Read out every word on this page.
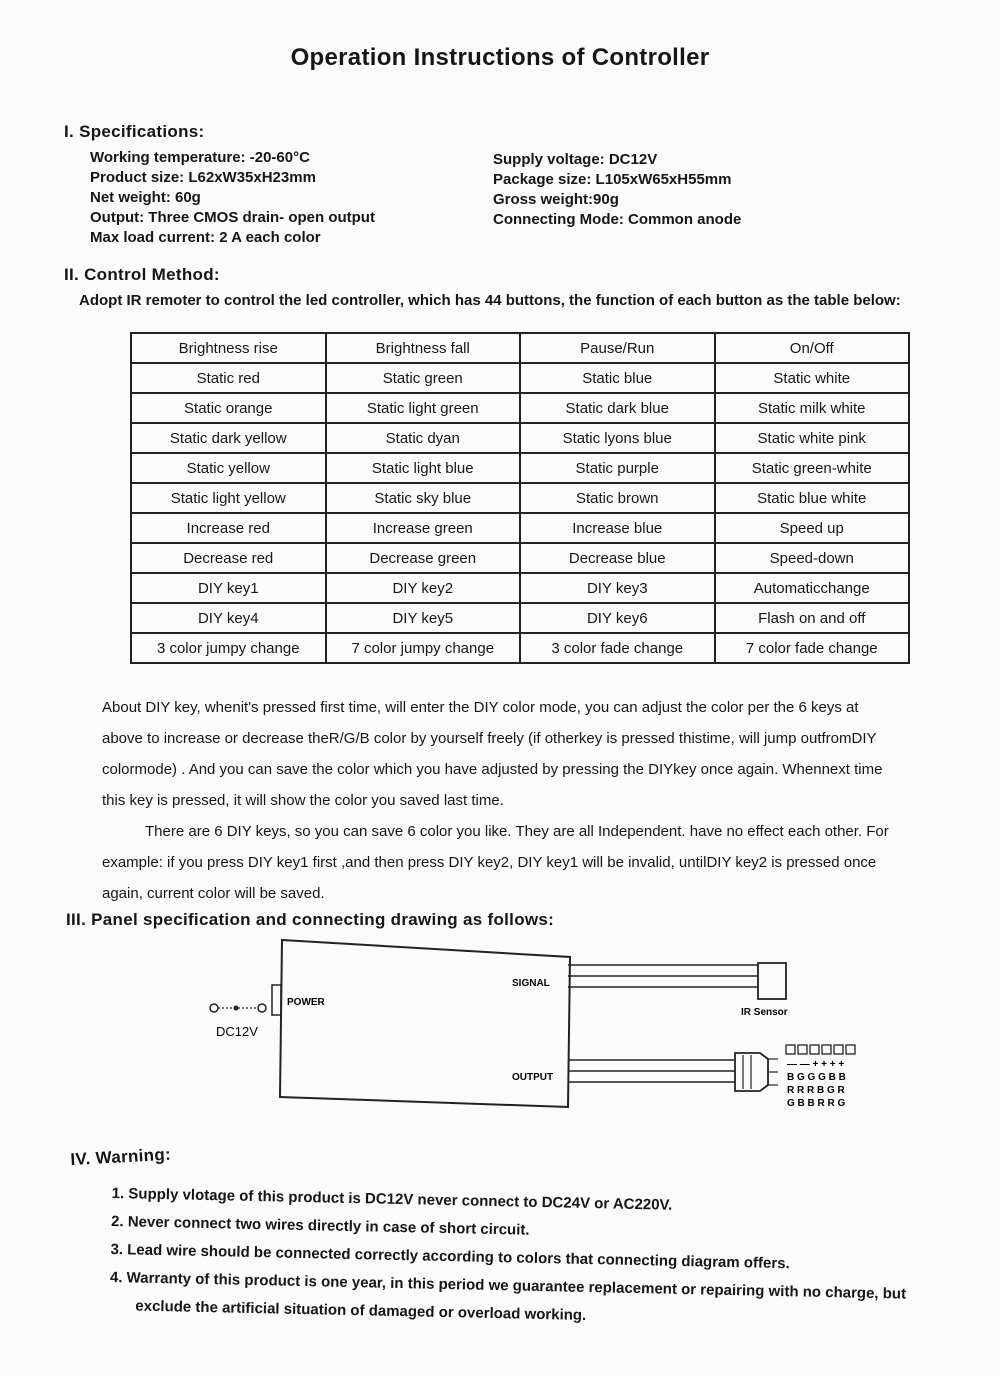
Operation Instructions of Controller
I. Specifications:
Working temperature: -20-60°C
Product size: L62xW35xH23mm
Net weight: 60g
Output: Three CMOS drain- open output
Max load current: 2 A each color
Supply voltage: DC12V
Package size: L105xW65xH55mm
Gross weight:90g
Connecting Mode: Common anode
II. Control Method:
Adopt IR remoter to control the led controller, which has 44 buttons, the function of each button as the table below:
Brightness rise	Brightness fall	Pause/Run	On/Off
Static red	Static green	Static blue	Static white
Static orange	Static light green	Static dark blue	Static milk white
Static dark yellow	Static dyan	Static lyons blue	Static white pink
Static yellow	Static light blue	Static purple	Static green-white
Static light yellow	Static sky blue	Static brown	Static blue white
Increase red	Increase green	Increase blue	Speed up
Decrease red	Decrease green	Decrease blue	Speed-down
DIY key1	DIY key2	DIY key3	Automaticchange
DIY key4	DIY key5	DIY key6	Flash on and off
3 color jumpy change	7 color jumpy change	3 color fade change	7 color fade change
About DIY key, whenit's pressed first time, will enter the DIY color mode, you can adjust the color per the 6 keys at
above to increase or decrease theR/G/B color by yourself freely (if otherkey is pressed thistime, will jump outfromDIY
colormode) . And you can save the color which you have adjusted by pressing the DIYkey once again. Whennext time
this key is pressed, it will show the color you saved last time.
There are 6 DIY keys, so you can save 6 color you like. They are all Independent. have no effect each other. For
example: if you press DIY key1 first ,and then press DIY key2, DIY key1 will be invalid, untilDIY key2 is pressed once
again, current color will be saved.
III. Panel specification and connecting drawing as follows:
POWER
DC12V
SIGNAL
IR Sensor
OUTPUT
— — + + + +
B G G G B B
R R R B G R
G B B R R G
IV. Warning:
1. Supply vlotage of this product is DC12V never connect to DC24V or AC220V.
2. Never connect two wires directly in case of short circuit.
3. Lead wire should be connected correctly according to colors that connecting diagram offers.
4. Warranty of this product is one year, in this period we guarantee replacement or repairing with no charge, but
exclude the artificial situation of damaged or overload working.
